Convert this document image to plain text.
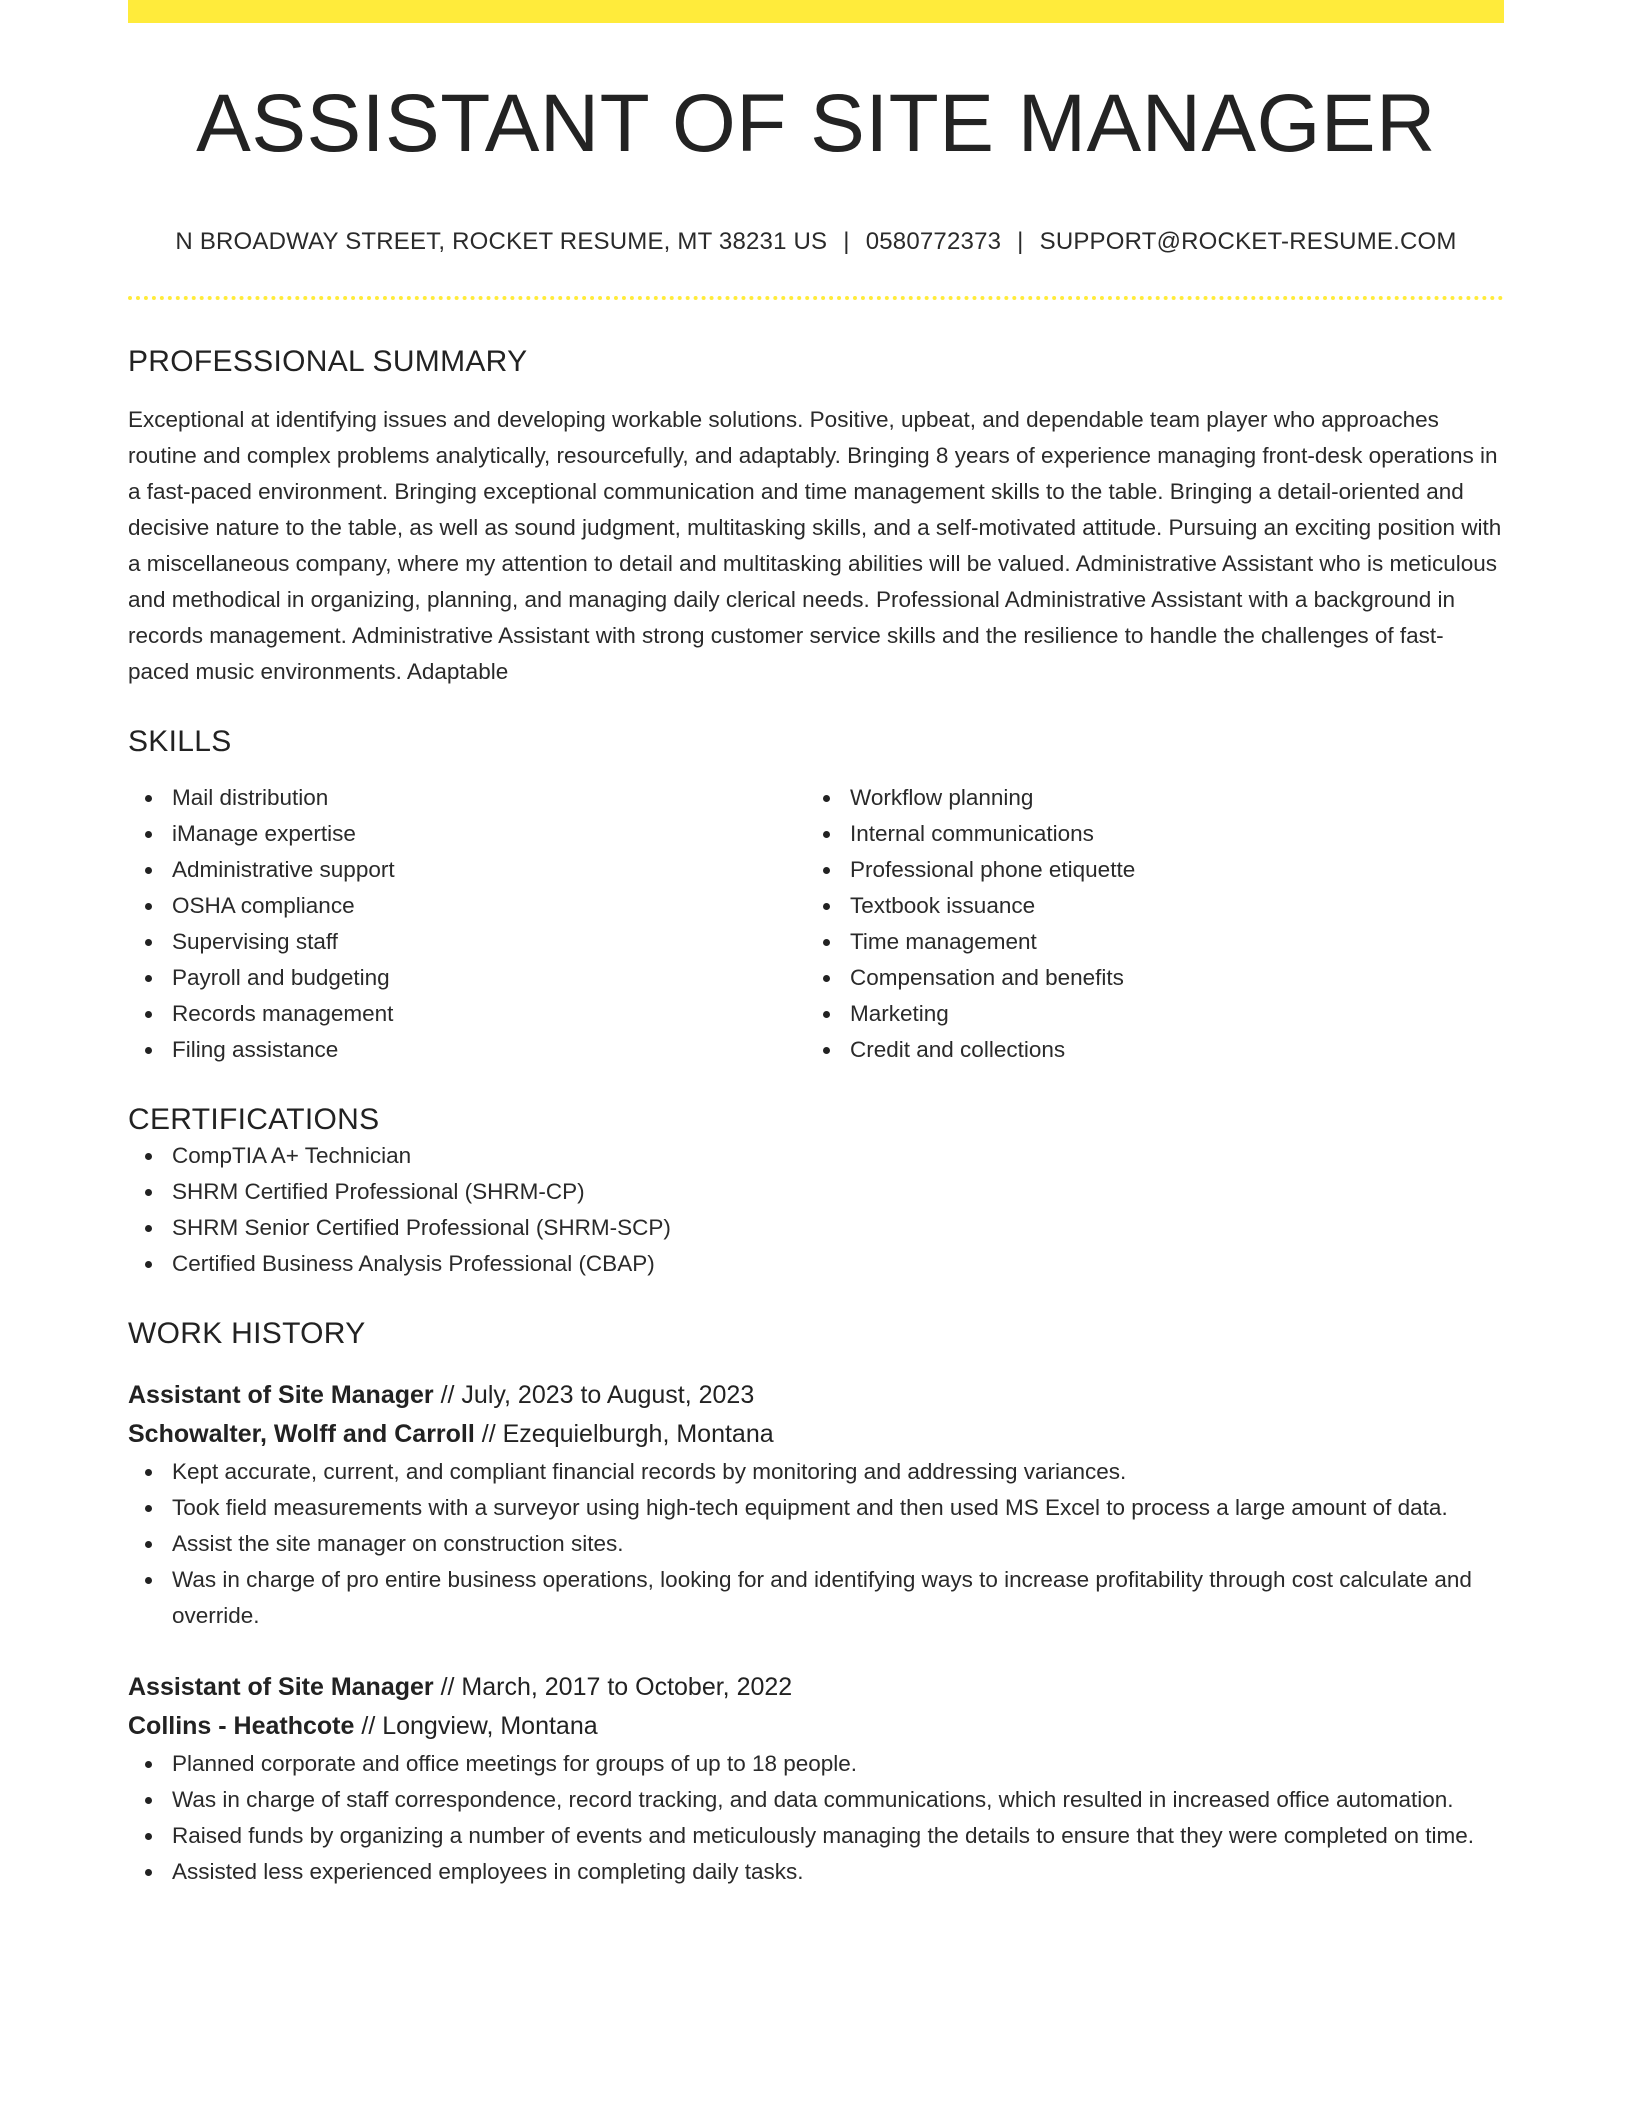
ASSISTANT OF SITE MANAGER
N BROADWAY STREET, ROCKET RESUME, MT 38231 US | 0580772373 | SUPPORT@ROCKET-RESUME.COM
PROFESSIONAL SUMMARY

Exceptional at identifying issues and developing workable solutions. Positive, upbeat, and dependable team player who approaches routine and complex problems analytically, resourcefully, and adaptably. Bringing 8 years of experience managing front-desk operations in a fast-paced environment. Bringing exceptional communication and time management skills to the table. Bringing a detail-oriented and decisive nature to the table, as well as sound judgment, multitasking skills, and a self-motivated attitude. Pursuing an exciting position with a miscellaneous company, where my attention to detail and multitasking abilities will be valued. Administrative Assistant who is meticulous and methodical in organizing, planning, and managing daily clerical needs. Professional Administrative Assistant with a background in records management. Administrative Assistant with strong customer service skills and the resilience to handle the challenges of fast-paced music environments. Adaptable

SKILLS
Mail distribution
iManage expertise
Administrative support
OSHA compliance
Supervising staff
Payroll and budgeting
Records management
Filing assistance
Workflow planning
Internal communications
Professional phone etiquette
Textbook issuance
Time management
Compensation and benefits
Marketing
Credit and collections
CERTIFICATIONS
CompTIA A+ Technician
SHRM Certified Professional (SHRM-CP)
SHRM Senior Certified Professional (SHRM-SCP)
Certified Business Analysis Professional (CBAP)
WORK HISTORY
Assistant of Site Manager // July, 2023 to August, 2023
Schowalter, Wolff and Carroll // Ezequielburgh, Montana
Kept accurate, current, and compliant financial records by monitoring and addressing variances.
Took field measurements with a surveyor using high-tech equipment and then used MS Excel to process a large amount of data.
Assist the site manager on construction sites.
Was in charge of pro entire business operations, looking for and identifying ways to increase profitability through cost calculate and override.
Assistant of Site Manager // March, 2017 to October, 2022
Collins - Heathcote // Longview, Montana
Planned corporate and office meetings for groups of up to 18 people.
Was in charge of staff correspondence, record tracking, and data communications, which resulted in increased office automation.
Raised funds by organizing a number of events and meticulously managing the details to ensure that they were completed on time.
Assisted less experienced employees in completing daily tasks.
